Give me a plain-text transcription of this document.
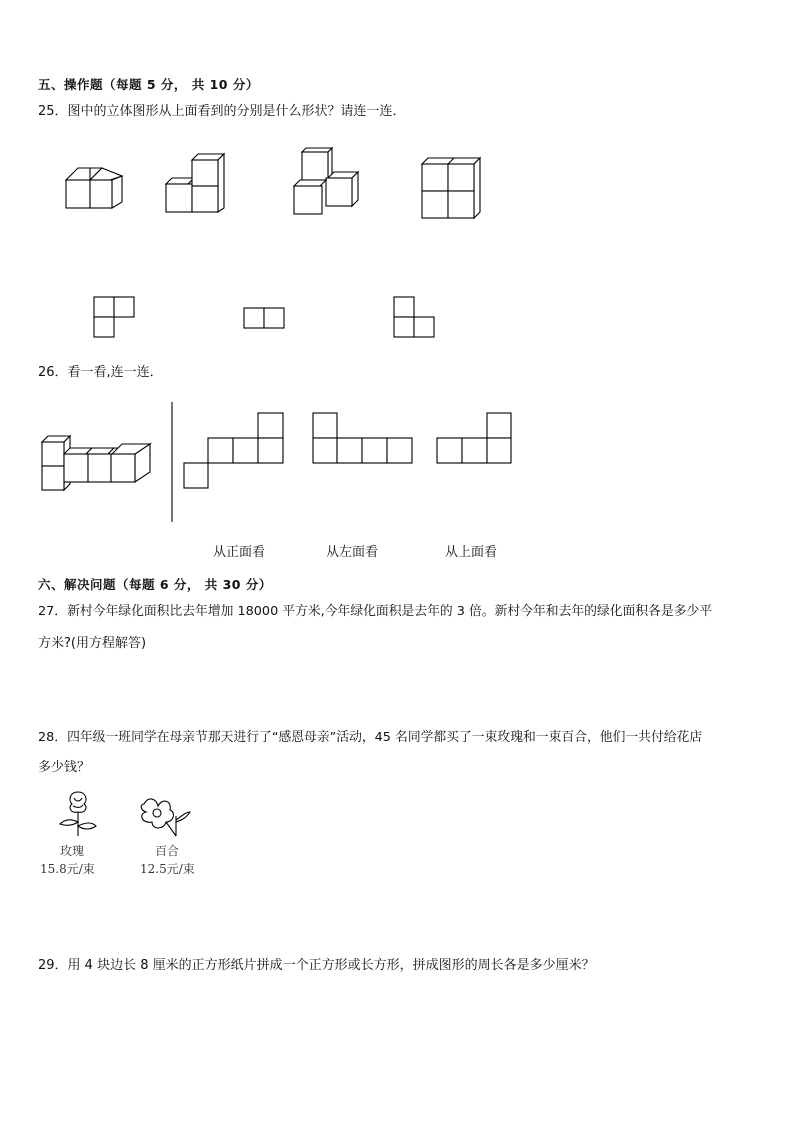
五、操作题（每题 5 分， 共 10 分）
25．图中的立体图形从上面看到的分别是什么形状？请连一连．
26．看一看,连一连．
从正面看	从左面看	从上面看
六、解决问题（每题 6 分， 共 30 分）
27．新村今年绿化面积比去年增加 18000 平方米,今年绿化面积是去年的 3 倍。新村今年和去年的绿化面积各是多少平
方米?(用方程解答)
28．四年级一班同学在母亲节那天进行了“感恩母亲”活动，45 名同学都买了一束玫瑰和一束百合，他们一共付给花店
多少钱？
玫瑰
15.8元/束
百合
12.5元/束
29．用 4 块边长 8 厘米的正方形纸片拼成一个正方形或长方形，拼成图形的周长各是多少厘米？
